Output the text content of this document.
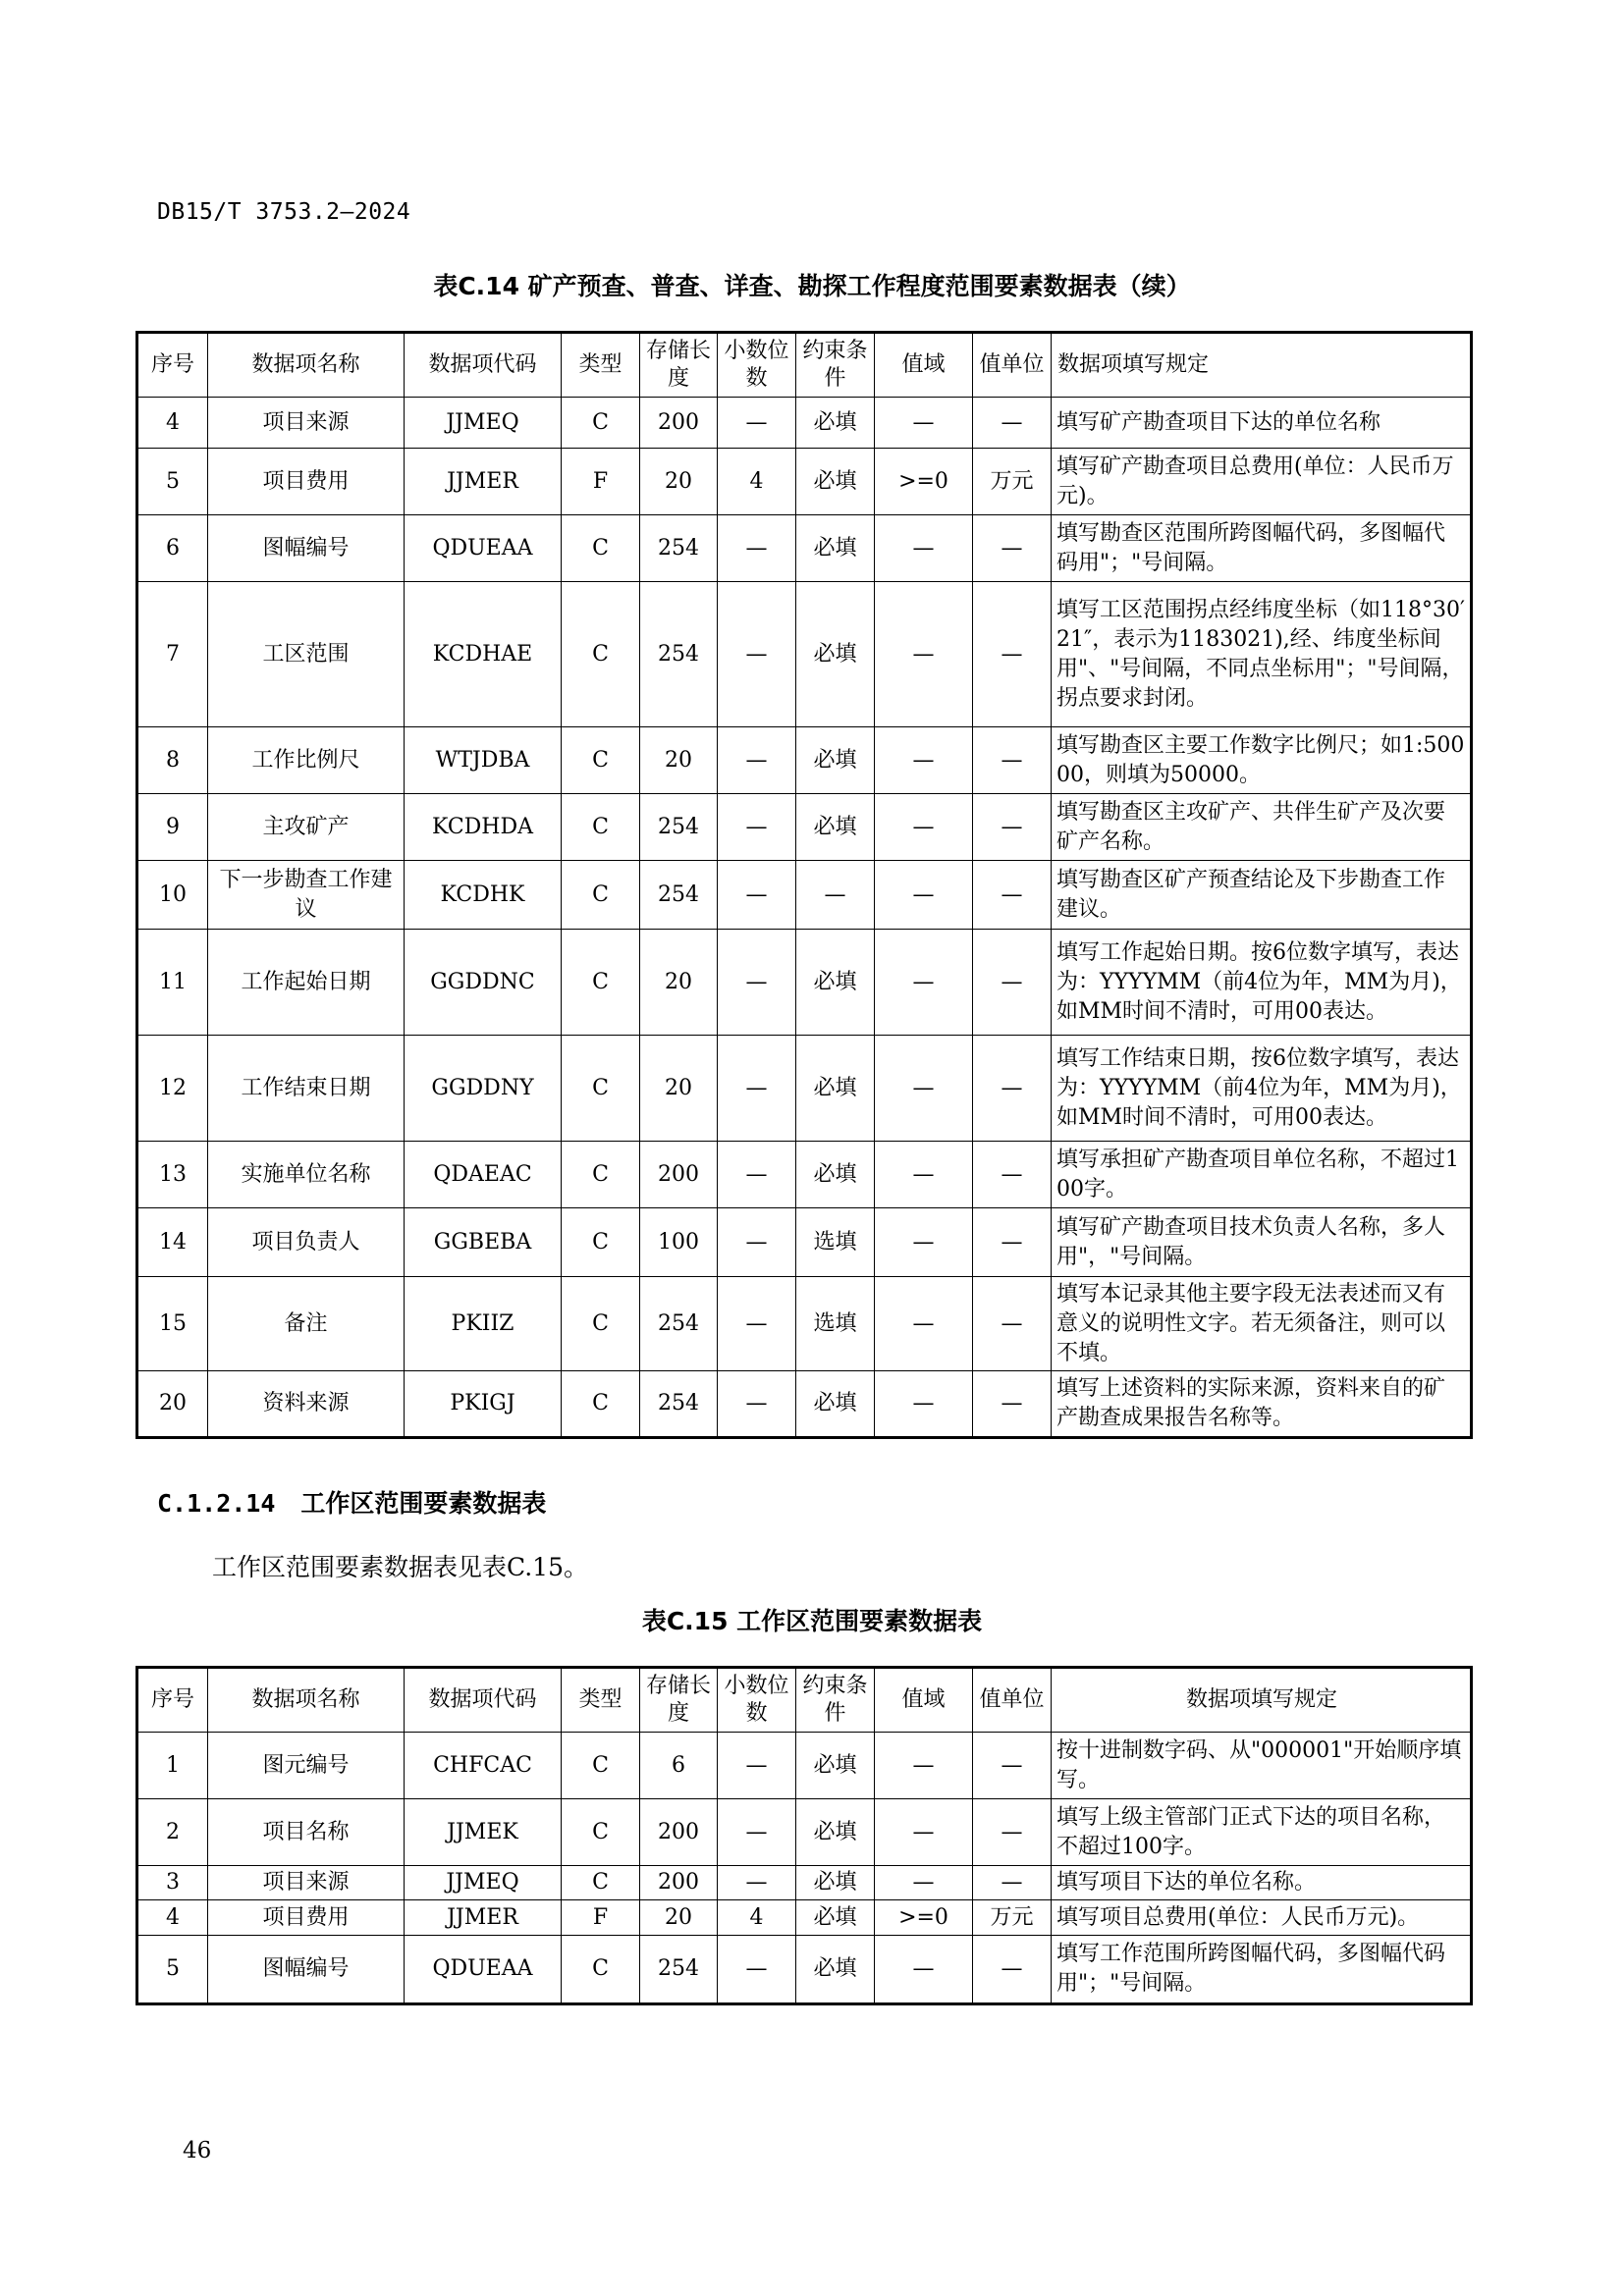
DB15/T 3753.2—2024
表C.14 矿产预查、普查、详查、勘探工作程度范围要素数据表（续）
序号	数据项名称	数据项代码	类型	存储长度	小数位数	约束条件	值域	值单位	数据项填写规定
4	项目来源	JJMEQ	C	200	—	必填	—	—	填写矿产勘查项目下达的单位名称
5	项目费用	JJMER	F	20	4	必填	>=0	万元	填写矿产勘查项目总费用(单位：人民币万元)。
6	图幅编号	QDUEAA	C	254	—	必填	—	—	填写勘查区范围所跨图幅代码，多图幅代码用"；"号间隔。
7	工区范围	KCDHAE	C	254	—	必填	—	—	填写工区范围拐点经纬度坐标（如118°30′21″，表示为1183021),经、纬度坐标间用"、"号间隔，不同点坐标用"；"号间隔，拐点要求封闭。
8	工作比例尺	WTJDBA	C	20	—	必填	—	—	填写勘查区主要工作数字比例尺；如1:50000，则填为50000。
9	主攻矿产	KCDHDA	C	254	—	必填	—	—	填写勘查区主攻矿产、共伴生矿产及次要矿产名称。
10	下一步勘查工作建议	KCDHK	C	254	—	—	—	—	填写勘查区矿产预查结论及下步勘查工作建议。
11	工作起始日期	GGDDNC	C	20	—	必填	—	—	填写工作起始日期。按6位数字填写，表达为：YYYYMM（前4位为年，MM为月)，如MM时间不清时，可用00表达。
12	工作结束日期	GGDDNY	C	20	—	必填	—	—	填写工作结束日期，按6位数字填写，表达为：YYYYMM（前4位为年，MM为月)，如MM时间不清时，可用00表达。
13	实施单位名称	QDAEAC	C	200	—	必填	—	—	填写承担矿产勘查项目单位名称，不超过100字。
14	项目负责人	GGBEBA	C	100	—	选填	—	—	填写矿产勘查项目技术负责人名称，多人用"，"号间隔。
15	备注	PKIIZ	C	254	—	选填	—	—	填写本记录其他主要字段无法表述而又有意义的说明性文字。若无须备注，则可以不填。
20	资料来源	PKIGJ	C	254	—	必填	—	—	填写上述资料的实际来源，资料来自的矿产勘查成果报告名称等。
C.1.2.14 工作区范围要素数据表
工作区范围要素数据表见表C.15。
表C.15 工作区范围要素数据表
序号	数据项名称	数据项代码	类型	存储长度	小数位数	约束条件	值域	值单位	数据项填写规定
1	图元编号	CHFCAC	C	6	—	必填	—	—	按十进制数字码、从"000001"开始顺序填写。
2	项目名称	JJMEK	C	200	—	必填	—	—	填写上级主管部门正式下达的项目名称，不超过100字。
3	项目来源	JJMEQ	C	200	—	必填	—	—	填写项目下达的单位名称。
4	项目费用	JJMER	F	20	4	必填	>=0	万元	填写项目总费用(单位：人民币万元)。
5	图幅编号	QDUEAA	C	254	—	必填	—	—	填写工作范围所跨图幅代码，多图幅代码用"；"号间隔。
46
